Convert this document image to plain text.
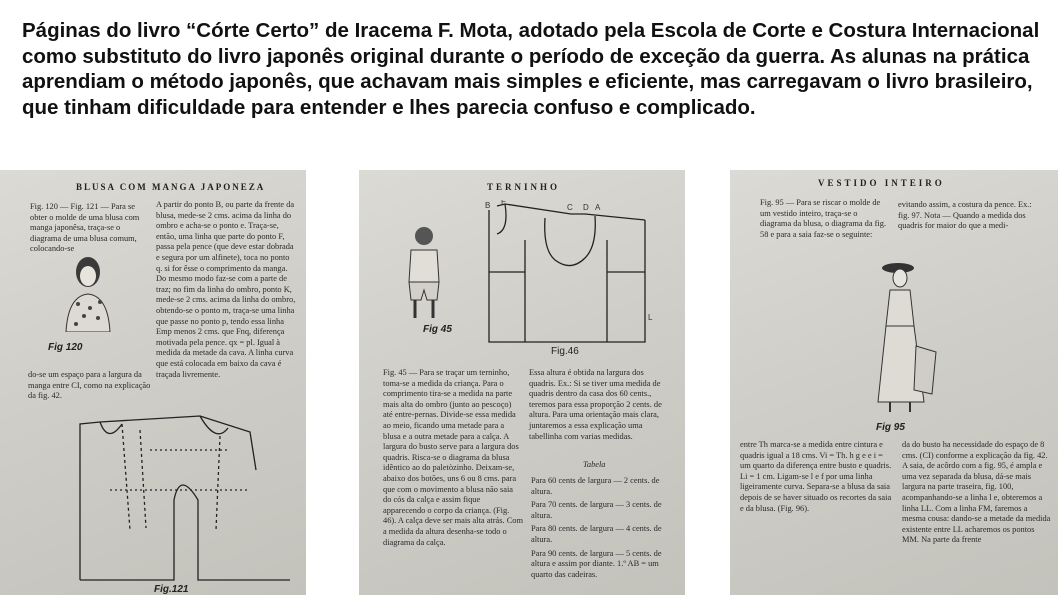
Páginas do livro “Córte Certo” de Iracema F. Mota, adotado pela Escola de Corte e Costura Internacional como substituto do livro japonês original durante o período de exceção da guerra. As alunas na prática aprendiam o método japonês, que achavam mais simples e eficiente, mas carregavam o livro brasileiro, que tinham dificuldade para entender e lhes parecia confuso e complicado.

BLUSA COM MANGA JAPONEZA

Fig. 120 — Fig. 121 — Para se obter o molde de uma blusa com manga japonêsa, traça-se o diagrama de uma blusa comum, colocando-se

A partir do ponto B, ou parte da frente da blusa, mede-se 2 cms. acima da linha do ombro e acha-se o ponto e. Traça-se, então, uma linha que parte do ponto F, passa pela pence (que deve estar dobrada e segura por um alfinete), toca no ponto q. si for êsse o comprimento da manga. Do mesmo modo faz-se com a parte de traz; no fim da linha do ombro, ponto K, mede-se 2 cms. acima da linha do ombro, obtendo-se o ponto m, traça-se uma linha que passe no ponto p, tendo essa linha Emp menos 2 cms. que Fnq, diferença motivada pela pence. qx = pl. Igual à medida da metade da cava. A linha curva que está colocada em baixo da cava é traçada livremente.

Fig 120

do-se um espaço para a largura da manga entre CI, como na explicação da fig. 42.

Fig.121
TERNINHO
Fig 45
B F
C D A
L
Fig.46

Fig. 45 — Para se traçar um terninho, toma-se a medida da criança. Para o comprimento tira-se a medida na parte mais alta do ombro (junto ao pescoço) até entre-pernas. Divide-se essa medida ao meio, ficando uma metade para a blusa e a outra metade para a calça. A largura do busto serve para a largura dos quadris. Risca-se o diagrama da blusa idêntico ao do paletòzinho. Deixam-se, abaixo dos botões, uns 6 ou 8 cms. para que com o movimento a blusa não saia do cós da calça e assim fique apparecendo o corpo da criança. (Fig. 46). A calça deve ser mais alta atrás. Com a medida da altura desenha-se todo o diagrama da calça.

Essa altura é obtida na largura dos quadris. Ex.: Si se tiver uma medida de quadris dentro da casa dos 60 cents., teremos para essa proporção 2 cents. de altura. Para uma orientação mais clara, juntaremos a essa explicação uma tabellinha com varias medidas.

Tabela
Para 60 cents de largura — 2 cents. de altura.
Para 70 cents. de largura — 3 cents. de altura.
Para 80 cents. de largura — 4 cents. de altura.
Para 90 cents. de largura — 5 cents. de altura e assim por diante. 1.º AB = um quarto das cadeiras.
VESTIDO INTEIRO

Fig. 95 — Para se riscar o molde de um vestido inteiro, traça-se o diagrama da blusa, o diagrama da fig. 58 e para a saia faz-se o seguinte:

evitando assim, a costura da pence. Ex.: fig. 97. Nota — Quando a medida dos quadris for maior do que a medi-

Fig 95

entre Th marca-se a medida entre cintura e quadris igual a 18 cms. Vi = Th. h g e e i = um quarto da diferença entre busto e quadris. Li = 1 cm. Ligam-se l e f por uma linha ligeiramente curva. Separa-se a blusa da saia depois de se haver situado os recortes da saia e da blusa. (Fig. 96).

da do busto ha necessidade do espaço de 8 cms. (CI) conforme a explicação da fig. 42. A saia, de acôrdo com a fig. 95, é ampla e uma vez separada da blusa, dá-se mais largura na parte traseira, fig. 100, acompanhando-se a linha l e, obteremos a linha LL. Com a linha FM, faremos a mesma cousa: dando-se a metade da medida existente entre LL acharemos os pontos MM. Na parte da frente
